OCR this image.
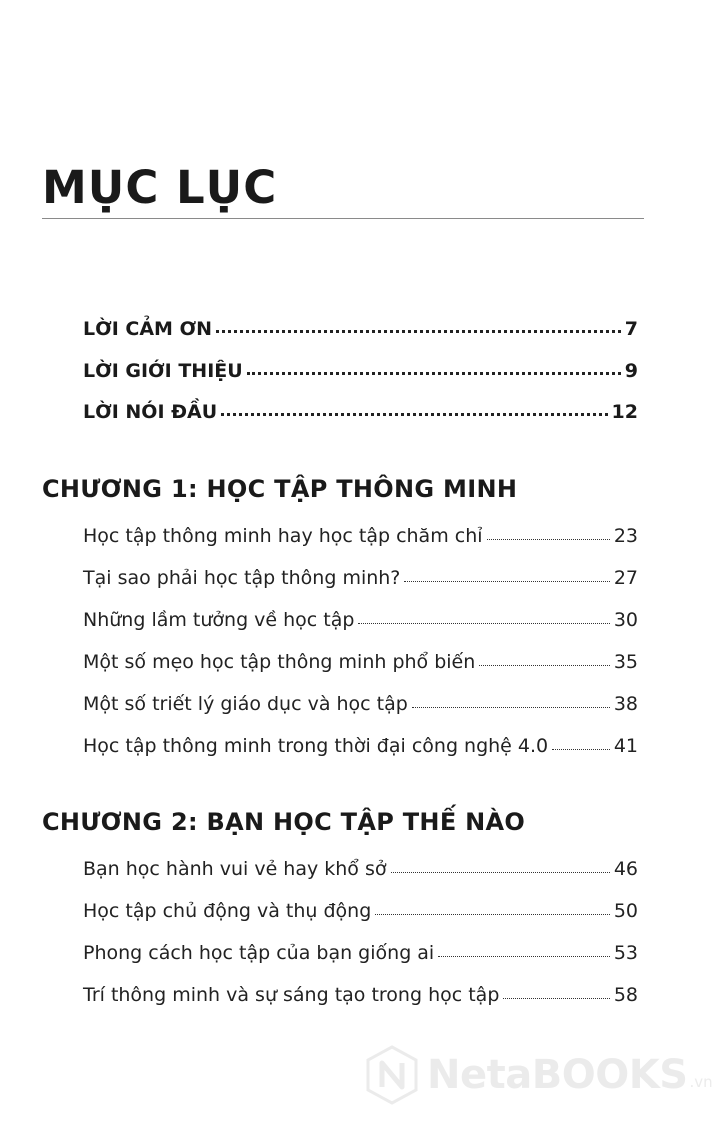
MỤC LỤC
LỜI CẢM ƠN	7
LỜI GIỚI THIỆU	9
LỜI NÓI ĐẦU	12
CHƯƠNG 1: HỌC TẬP THÔNG MINH
Học tập thông minh hay học tập chăm chỉ	23
Tại sao phải học tập thông minh?	27
Những lầm tưởng về học tập	30
Một số mẹo học tập thông minh phổ biến	35
Một số triết lý giáo dục và học tập	38
Học tập thông minh trong thời đại công nghệ 4.0	41
CHƯƠNG 2: BẠN HỌC TẬP THẾ NÀO
Bạn học hành vui vẻ hay khổ sở	46
Học tập chủ động và thụ động	50
Phong cách học tập của bạn giống ai	53
Trí thông minh và sự sáng tạo trong học tập	58
NetaBOOKS .vn
